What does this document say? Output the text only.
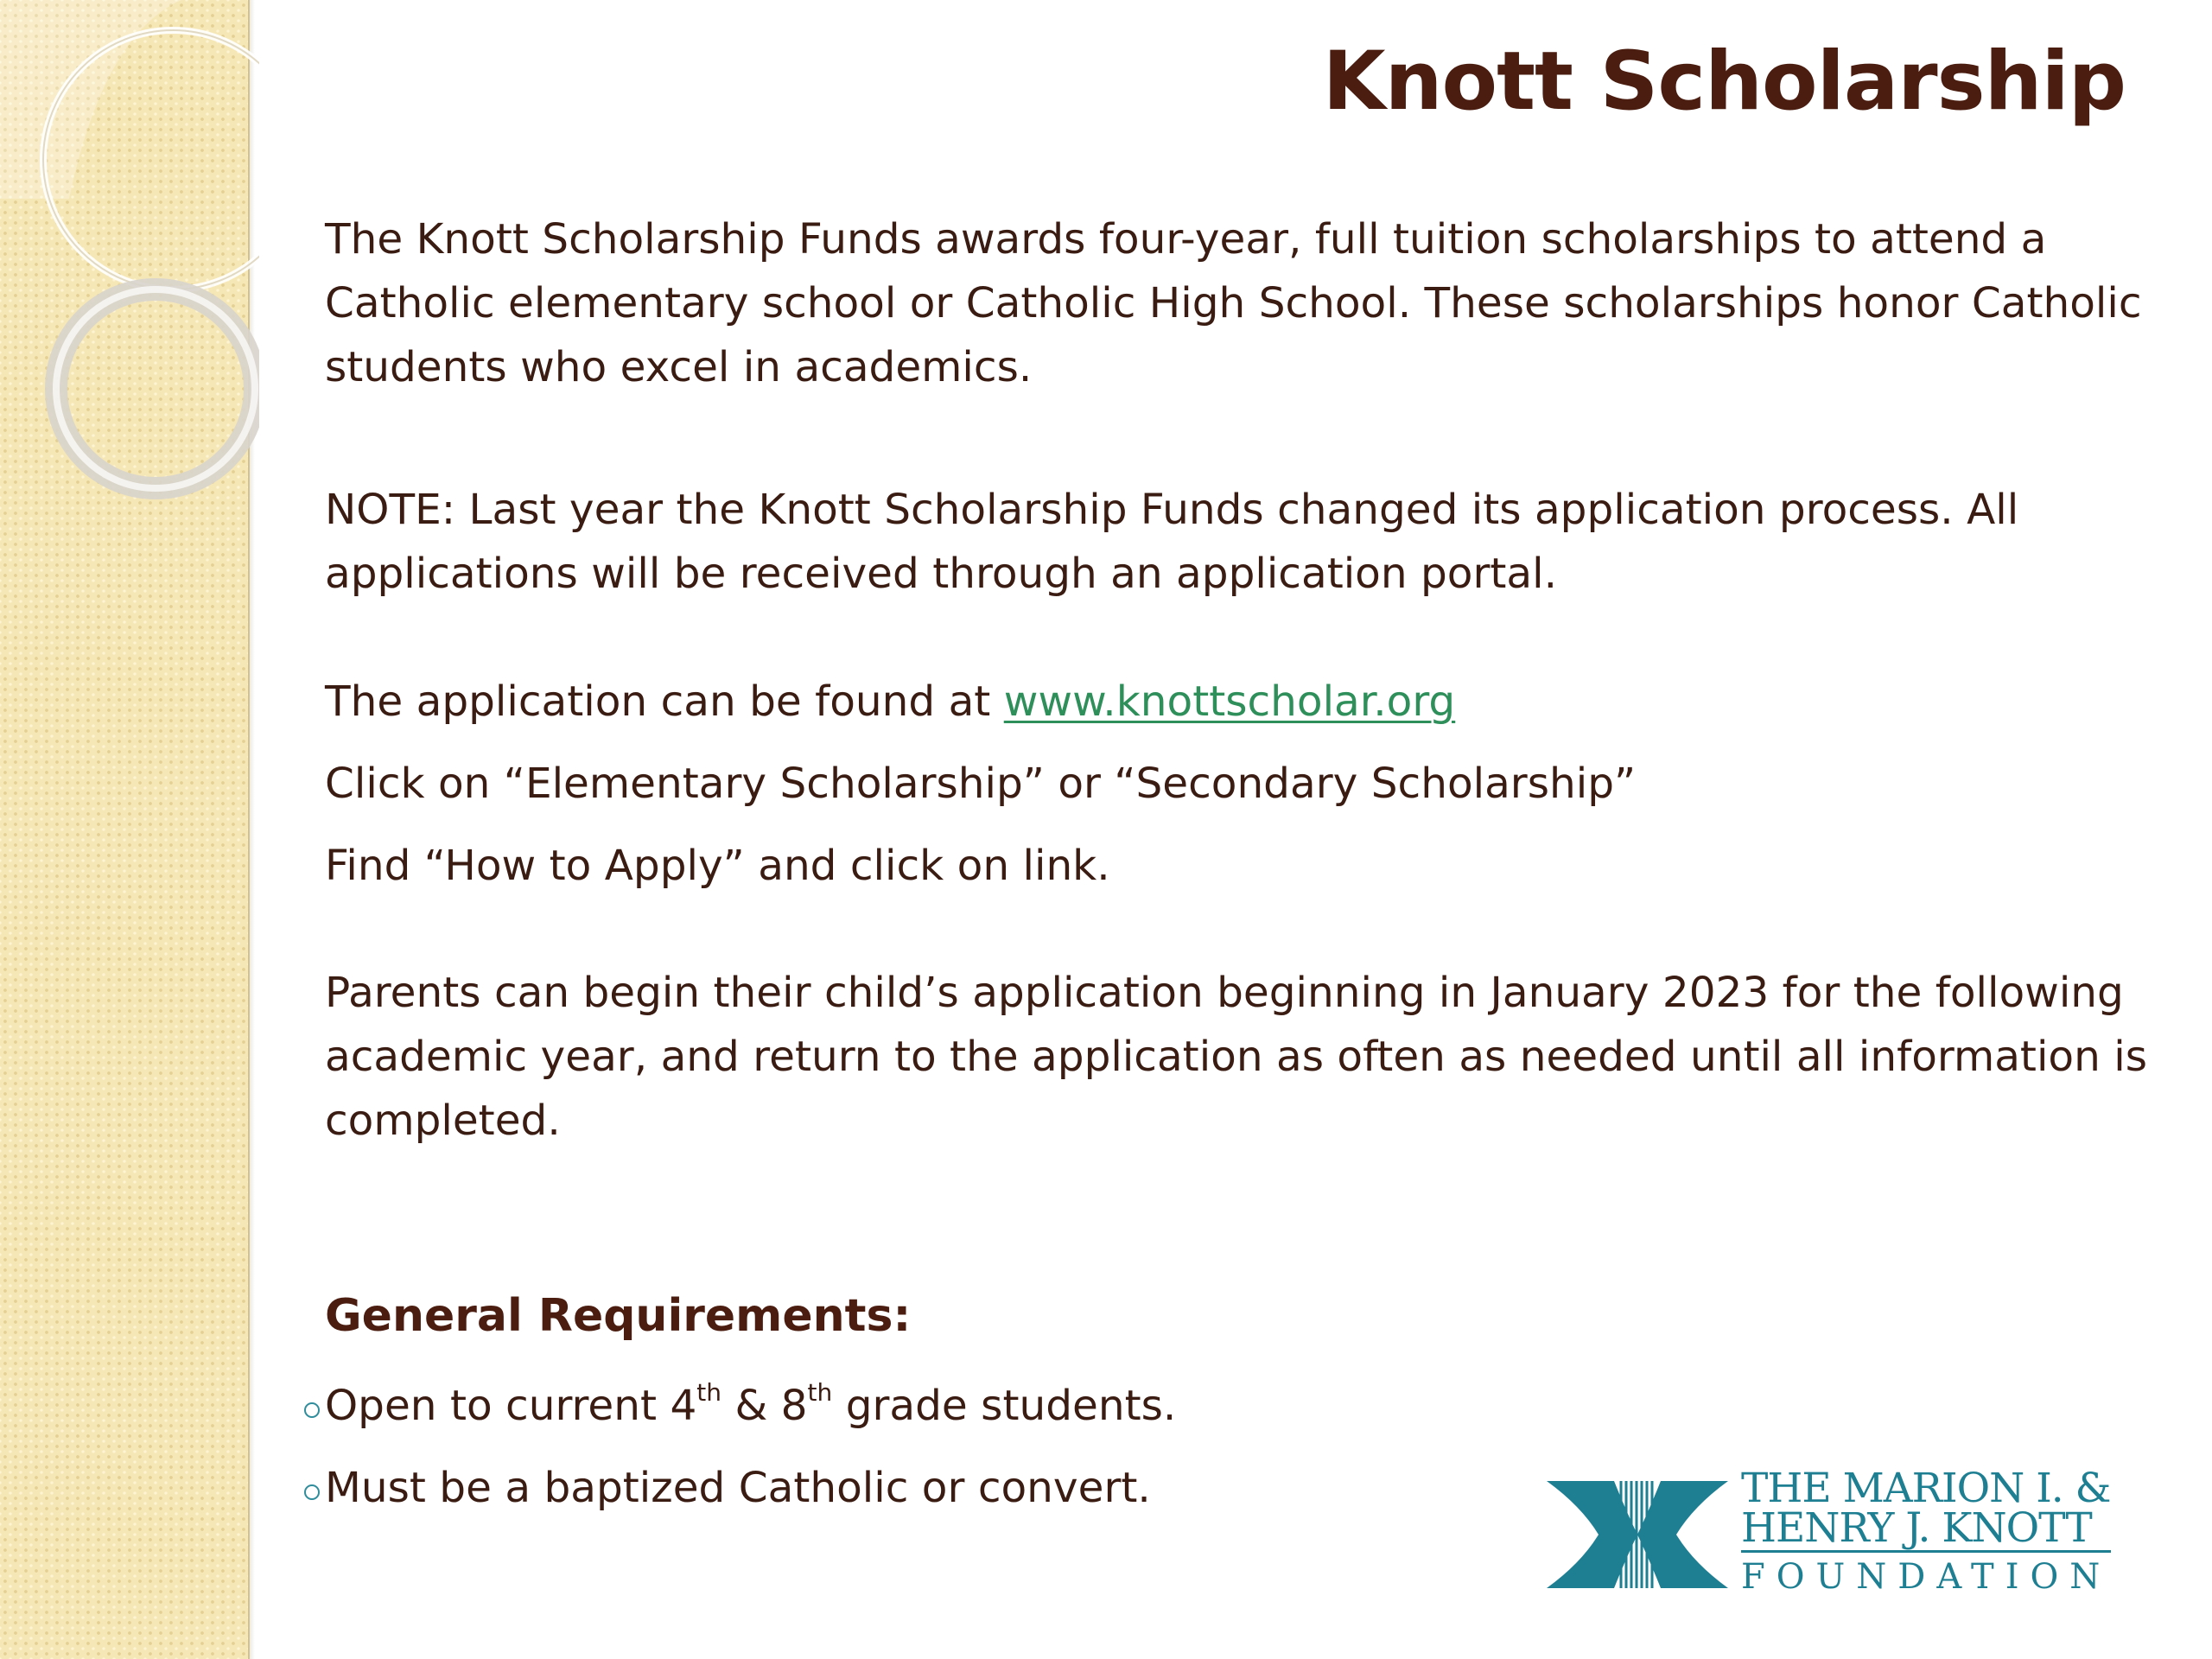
Knott Scholarship
The Knott Scholarship Funds awards four-year, full tuition scholarships to attend a Catholic elementary school or Catholic High School. These scholarships honor Catholic students who excel in academics.
NOTE: Last year the Knott Scholarship Funds changed its application process. All applications will be received through an application portal.
The application can be found at www.knottscholar.org
Click on “Elementary Scholarship” or “Secondary Scholarship”
Find “How to Apply” and click on link.
Parents can begin their child’s application beginning in January 2023 for the following academic year, and return to the application as often as needed until all information is completed.
General Requirements:
Open to current 4th & 8th grade students.
Must be a baptized Catholic or convert.	THE MARION I. &
HENRY J. KNOTT
FOUNDATION
